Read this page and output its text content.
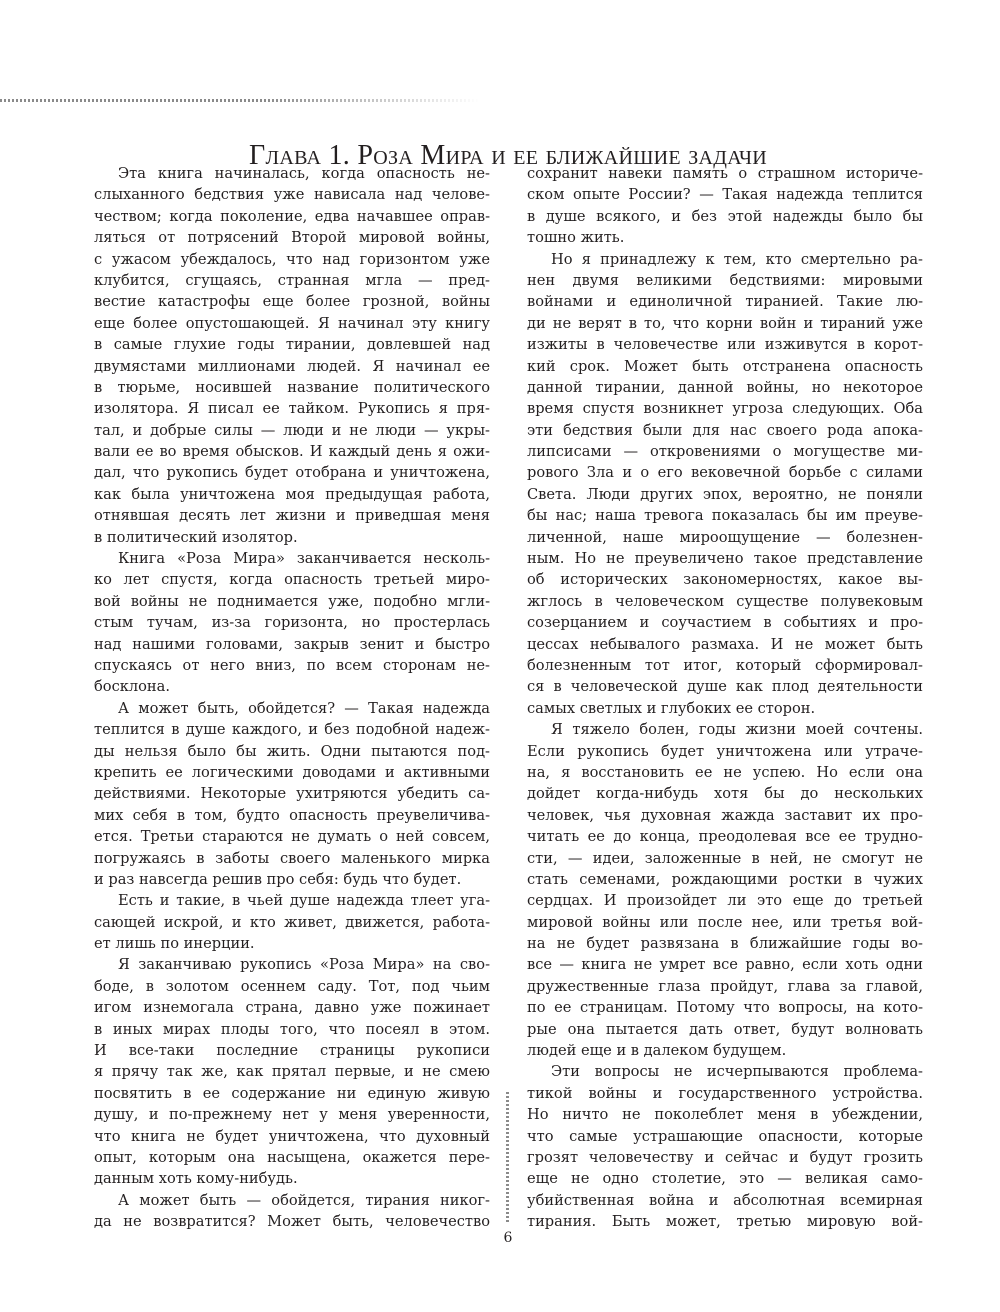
Глава 1. Роза Мира и ее ближайшие задачи
Эта книга начиналась, когда опасность не-
слыханного бедствия уже нависала над челове-
чеством; когда поколение, едва начавшее оправ-
ляться от потрясений Второй мировой войны,
с ужасом убеждалось, что над горизонтом уже
клубится, сгущаясь, странная мгла — пред-
вестие катастрофы еще более грозной, войны
еще более опустошающей. Я начинал эту книгу
в самые глухие годы тирании, довлевшей над
двумястами миллионами людей. Я начинал ее
в тюрьме, носившей название политического
изолятора. Я писал ее тайком. Рукопись я пря-
тал, и добрые силы — люди и не люди — укры-
вали ее во время обысков. И каждый день я ожи-
дал, что рукопись будет отобрана и уничтожена,
как была уничтожена моя предыдущая работа,
отнявшая десять лет жизни и приведшая меня
в политический изолятор.
Книга «Роза Мира» заканчивается несколь-
ко лет спустя, когда опасность третьей миро-
вой войны не поднимается уже, подобно мгли-
стым тучам, из-за горизонта, но простерлась
над нашими головами, закрыв зенит и быстро
спускаясь от него вниз, по всем сторонам не-
босклона.
А может быть, обойдется? — Такая надежда
теплится в душе каждого, и без подобной надеж-
ды нельзя было бы жить. Одни пытаются под-
крепить ее логическими доводами и активными
действиями. Некоторые ухитряются убедить са-
мих себя в том, будто опасность преувеличива-
ется. Третьи стараются не думать о ней совсем,
погружаясь в заботы своего маленького мирка
и раз навсегда решив про себя: будь что будет.
Есть и такие, в чьей душе надежда тлеет уга-
сающей искрой, и кто живет, движется, работа-
ет лишь по инерции.
Я заканчиваю рукопись «Роза Мира» на сво-
боде, в золотом осеннем саду. Тот, под чьим
игом изнемогала страна, давно уже пожинает
в иных мирах плоды того, что посеял в этом.
И все-таки последние страницы рукописи
я прячу так же, как прятал первые, и не смею
посвятить в ее содержание ни единую живую
душу, и по-прежнему нет у меня уверенности,
что книга не будет уничтожена, что духовный
опыт, которым она насыщена, окажется пере-
данным хоть кому-нибудь.
А может быть — обойдется, тирания никог-
да не возвратится? Может быть, человечество
сохранит навеки память о страшном историче-
ском опыте России? — Такая надежда теплится
в душе всякого, и без этой надежды было бы
тошно жить.
Но я принадлежу к тем, кто смертельно ра-
нен двумя великими бедствиями: мировыми
войнами и единоличной тиранией. Такие лю-
ди не верят в то, что корни войн и тираний уже
изжиты в человечестве или изживутся в корот-
кий срок. Может быть отстранена опасность
данной тирании, данной войны, но некоторое
время спустя возникнет угроза следующих. Оба
эти бедствия были для нас своего рода апока-
липсисами — откровениями о могуществе ми-
рового Зла и о его вековечной борьбе с силами
Света. Люди других эпох, вероятно, не поняли
бы нас; наша тревога показалась бы им преуве-
личенной, наше мироощущение — болезнен-
ным. Но не преувеличено такое представление
об исторических закономерностях, какое вы-
жглось в человеческом существе полувековым
созерцанием и соучастием в событиях и про-
цессах небывалого размаха. И не может быть
болезненным тот итог, который сформировал-
ся в человеческой душе как плод деятельности
самых светлых и глубоких ее сторон.
Я тяжело болен, годы жизни моей сочтены.
Если рукопись будет уничтожена или утраче-
на, я восстановить ее не успею. Но если она
дойдет когда-нибудь хотя бы до нескольких
человек, чья духовная жажда заставит их про-
читать ее до конца, преодолевая все ее трудно-
сти, — идеи, заложенные в ней, не смогут не
стать семенами, рождающими ростки в чужих
сердцах. И произойдет ли это еще до третьей
мировой войны или после нее, или третья вой-
на не будет развязана в ближайшие годы во-
все — книга не умрет все равно, если хоть одни
дружественные глаза пройдут, глава за главой,
по ее страницам. Потому что вопросы, на кото-
рые она пытается дать ответ, будут волновать
людей еще и в далеком будущем.
Эти вопросы не исчерпываются проблема-
тикой войны и государственного устройства.
Но ничто не поколеблет меня в убеждении,
что самые устрашающие опасности, которые
грозят человечеству и сейчас и будут грозить
еще не одно столетие, это — великая само-
убийственная война и абсолютная всемирная
тирания. Быть может, третью мировую вой-
6
